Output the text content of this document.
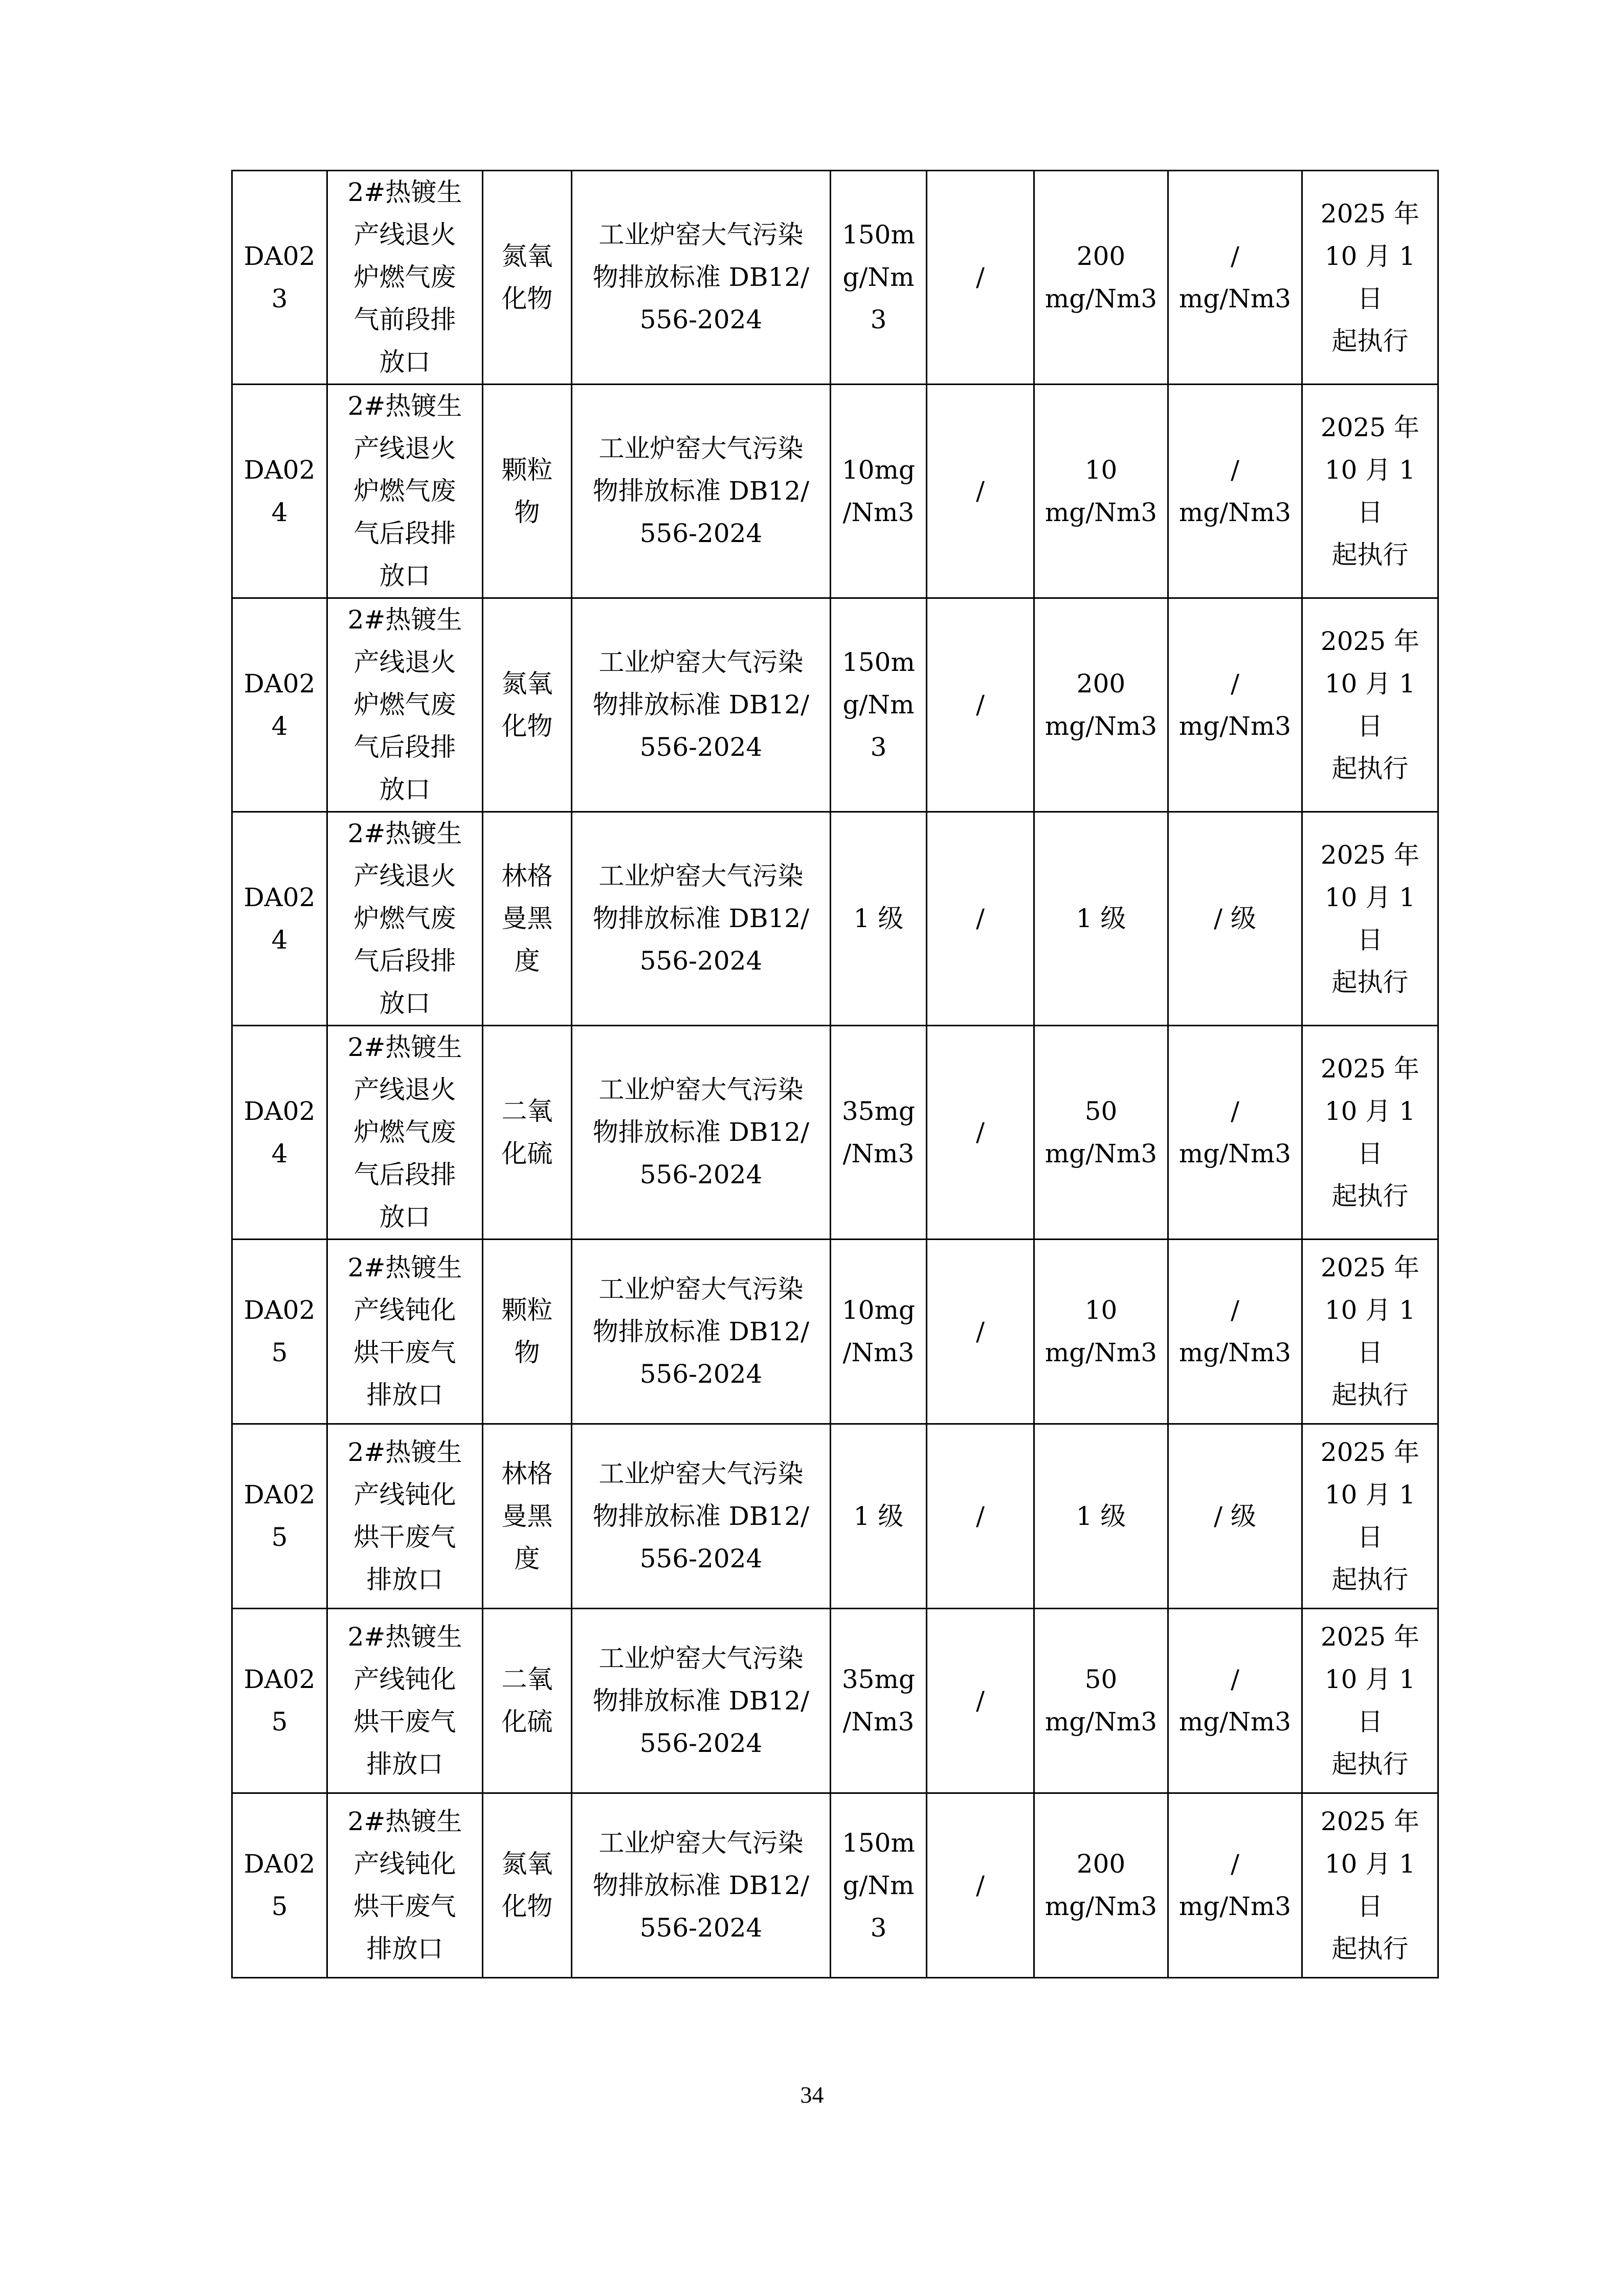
DA02
3	2#热镀生
产线退火
炉燃气废
气前段排
放口	氮氧
化物	工业炉窑大气污染
物排放标准 DB12/
556-2024	150m
g/Nm
3	/	200
mg/Nm3	/
mg/Nm3	2025 年
10 月 1 日
起执行
DA02
4	2#热镀生
产线退火
炉燃气废
气后段排
放口	颗粒
物	工业炉窑大气污染
物排放标准 DB12/
556-2024	10mg
/Nm3	/	10
mg/Nm3	/
mg/Nm3	2025 年
10 月 1 日
起执行
DA02
4	2#热镀生
产线退火
炉燃气废
气后段排
放口	氮氧
化物	工业炉窑大气污染
物排放标准 DB12/
556-2024	150m
g/Nm
3	/	200
mg/Nm3	/
mg/Nm3	2025 年
10 月 1 日
起执行
DA02
4	2#热镀生
产线退火
炉燃气废
气后段排
放口	林格
曼黑
度	工业炉窑大气污染
物排放标准 DB12/
556-2024	1 级	/	1 级	/ 级	2025 年
10 月 1 日
起执行
DA02
4	2#热镀生
产线退火
炉燃气废
气后段排
放口	二氧
化硫	工业炉窑大气污染
物排放标准 DB12/
556-2024	35mg
/Nm3	/	50
mg/Nm3	/
mg/Nm3	2025 年
10 月 1 日
起执行
DA02
5	2#热镀生
产线钝化
烘干废气
排放口	颗粒
物	工业炉窑大气污染
物排放标准 DB12/
556-2024	10mg
/Nm3	/	10
mg/Nm3	/
mg/Nm3	2025 年
10 月 1 日
起执行
DA02
5	2#热镀生
产线钝化
烘干废气
排放口	林格
曼黑
度	工业炉窑大气污染
物排放标准 DB12/
556-2024	1 级	/	1 级	/ 级	2025 年
10 月 1 日
起执行
DA02
5	2#热镀生
产线钝化
烘干废气
排放口	二氧
化硫	工业炉窑大气污染
物排放标准 DB12/
556-2024	35mg
/Nm3	/	50
mg/Nm3	/
mg/Nm3	2025 年
10 月 1 日
起执行
DA02
5	2#热镀生
产线钝化
烘干废气
排放口	氮氧
化物	工业炉窑大气污染
物排放标准 DB12/
556-2024	150m
g/Nm
3	/	200
mg/Nm3	/
mg/Nm3	2025 年
10 月 1 日
起执行
34
